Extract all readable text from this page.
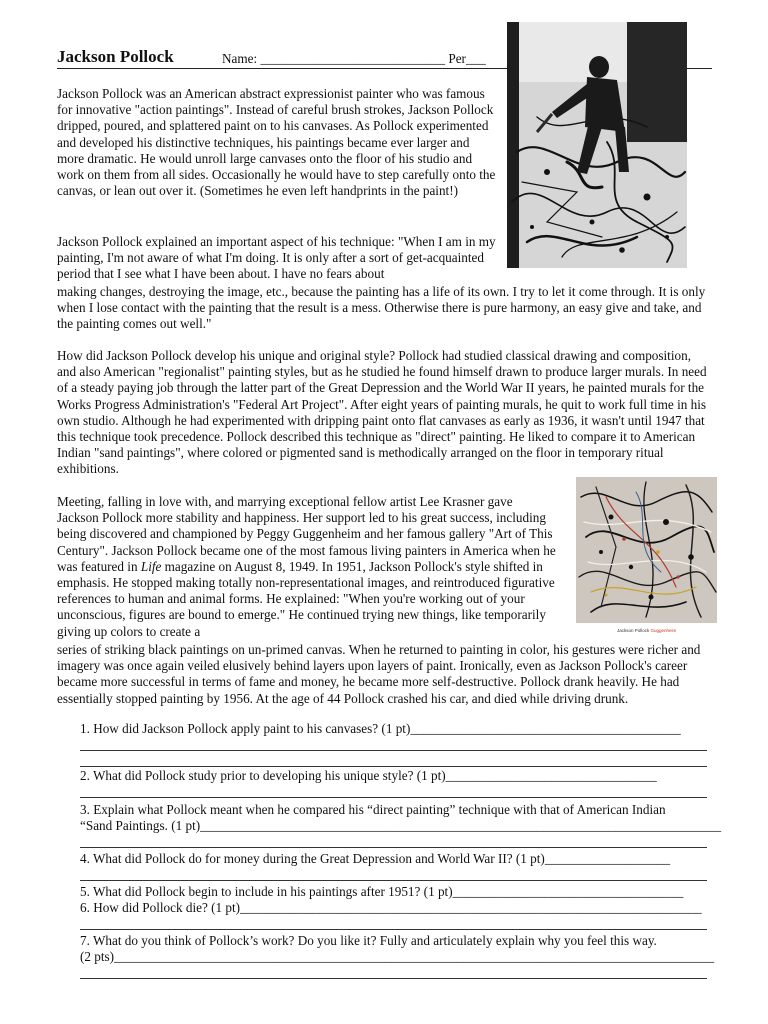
Jackson Pollock	Name: ____________________________ Per___

Jackson Pollock was an American abstract expressionist painter who was famous for innovative "action paintings". Instead of careful brush strokes, Jackson Pollock dripped, poured, and splattered paint on to his canvases. As Pollock experimented and developed his distinctive techniques, his paintings became ever larger and more dramatic. He would unroll large canvases onto the floor of his studio and work on them from all sides. Occasionally he would have to step carefully onto the canvas, or lean out over it. (Sometimes he even left handprints in the paint!)

Jackson Pollock explained an important aspect of his technique: "When I am in my painting, I'm not aware of what I'm doing. It is only after a sort of get-acquainted period that I see what I have been about. I have no fears about

making changes, destroying the image, etc., because the painting has a life of its own. I try to let it come through. It is only when I lose contact with the painting that the result is a mess. Otherwise there is pure harmony, an easy give and take, and the painting comes out well."

How did Jackson Pollock develop his unique and original style? Pollock had studied classical drawing and composition, and also American "regionalist" painting styles, but as he studied he found himself drawn to produce larger murals. In need of a steady paying job through the latter part of the Great Depression and the World War II years, he painted murals for the Works Progress Administration's "Federal Art Project". After eight years of painting murals, he quit to work full time in his own studio. Although he had experimented with dripping paint onto flat canvases as early as 1936, it wasn't until 1947 that this technique took precedence. Pollock described this technique as "direct" painting. He liked to compare it to American Indian "sand paintings", where colored or pigmented sand is methodically arranged on the floor in temporary ritual exhibitions.

Meeting, falling in love with, and marrying exceptional fellow artist Lee Krasner gave Jackson Pollock more stability and happiness. Her support led to his great success, including being discovered and championed by Peggy Guggenheim and her famous gallery "Art of This Century". Jackson Pollock became one of the most famous living painters in America when he was featured in Life magazine on August 8, 1949. In 1951, Jackson Pollock's style shifted in emphasis. He stopped making totally non-representational images, and reintroduced figurative references to human and animal forms. He explained: "When you're working out of your unconscious, figures are bound to emerge." He continued trying new things, like temporarily giving up colors to create a	Jackson Pollock Guggenheim

series of striking black paintings on un-primed canvas. When he returned to painting in color, his gestures were richer and imagery was once again veiled elusively behind layers upon layers of paint. Ironically, even as Jackson Pollock's career became more successful in terms of fame and money, he became more self-destructive. Pollock drank heavily. He had essentially stopped painting by 1956. At the age of 44 Pollock crashed his car, and died while driving drunk.

1. How did Jackson Pollock apply paint to his canvases? (1 pt)_________________________________________
2. What did Pollock study prior to developing his unique style? (1 pt)________________________________
3. Explain what Pollock meant when he compared his “direct painting” technique with that of American Indian
“Sand Paintings. (1 pt)_______________________________________________________________________________
4. What did Pollock do for money during the Great Depression and World War II? (1 pt)___________________
5. What did Pollock begin to include in his paintings after 1951? (1 pt)___________________________________
6. How did Pollock die? (1 pt)______________________________________________________________________
7. What do you think of Pollock’s work? Do you like it? Fully and articulately explain why you feel this way.
(2 pts)___________________________________________________________________________________________
